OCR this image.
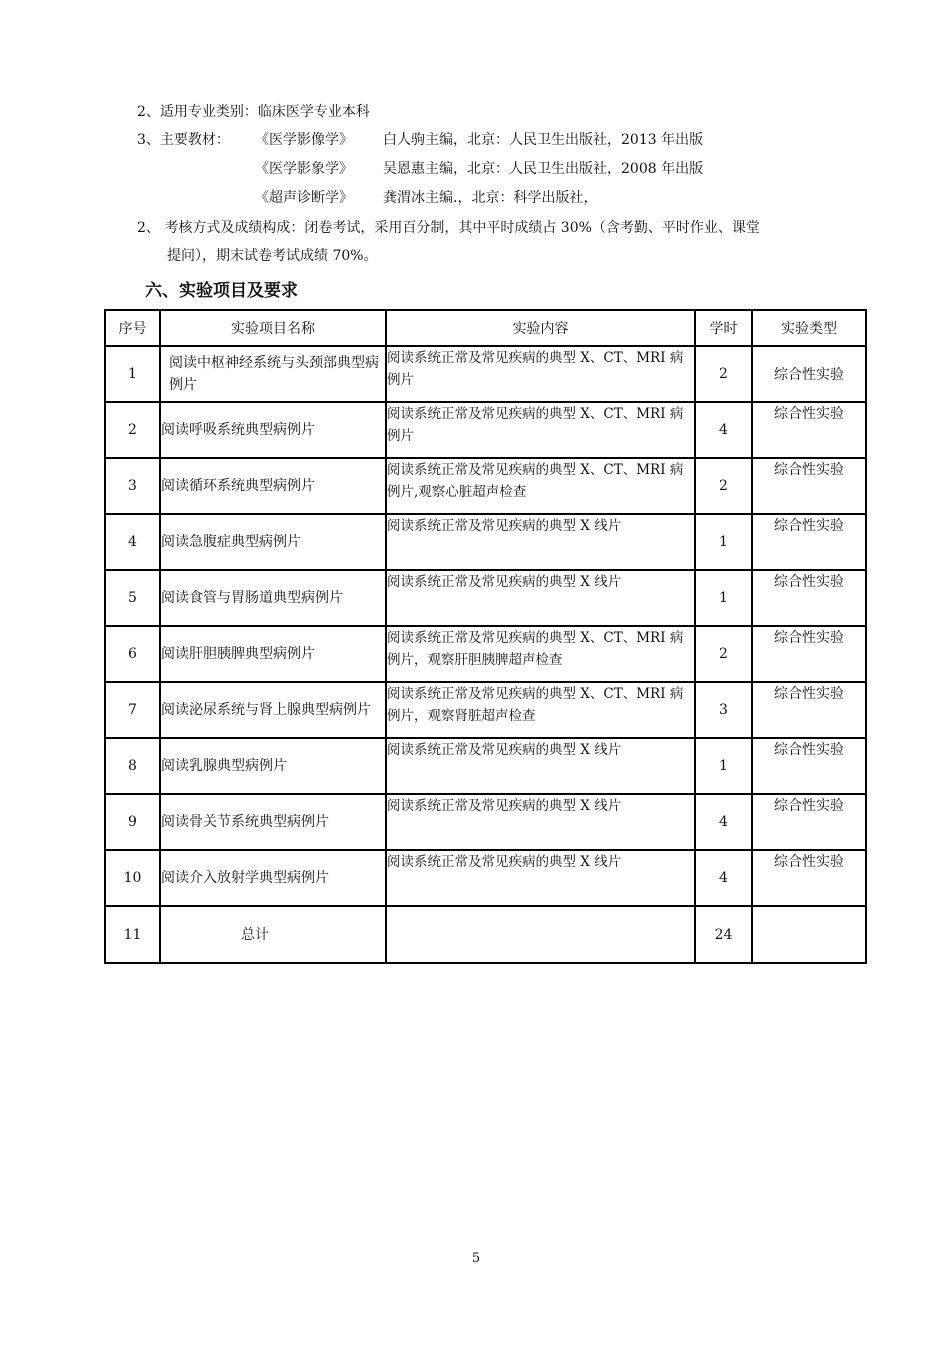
2、适用专业类别：临床医学专业本科
3、主要教材： 《医学影像学》 白人驹主编，北京：人民卫生出版社，2013 年出版
《医学影象学》 吴恩惠主编，北京：人民卫生出版社，2008 年出版
《超声诊断学》 龚渭冰主编.，北京：科学出版社，
2、 考核方式及成绩构成：闭卷考试，采用百分制，其中平时成绩占 30%（含考勤、平时作业、课堂
提问），期末试卷考试成绩 70%。
六、实验项目及要求
序号	实验项目名称	实验内容	学时	实验类型
1	阅读中枢神经系统与头颈部典型病例片	阅读系统正常及常见疾病的典型 X、CT、MRI 病例片	2	综合性实验
2	阅读呼吸系统典型病例片	阅读系统正常及常见疾病的典型 X、CT、MRI 病例片	4	综合性实验
3	阅读循环系统典型病例片	阅读系统正常及常见疾病的典型 X、CT、MRI 病例片,观察心脏超声检查	2	综合性实验
4	阅读急腹症典型病例片	阅读系统正常及常见疾病的典型 X 线片	1	综合性实验
5	阅读食管与胃肠道典型病例片	阅读系统正常及常见疾病的典型 X 线片	1	综合性实验
6	阅读肝胆胰脾典型病例片	阅读系统正常及常见疾病的典型 X、CT、MRI 病例片，观察肝胆胰脾超声检查	2	综合性实验
7	阅读泌尿系统与肾上腺典型病例片	阅读系统正常及常见疾病的典型 X、CT、MRI 病例片，观察肾脏超声检查	3	综合性实验
8	阅读乳腺典型病例片	阅读系统正常及常见疾病的典型 X 线片	1	综合性实验
9	阅读骨关节系统典型病例片	阅读系统正常及常见疾病的典型 X 线片	4	综合性实验
10	阅读介入放射学典型病例片	阅读系统正常及常见疾病的典型 X 线片	4	综合性实验
11	总计		24	
5
